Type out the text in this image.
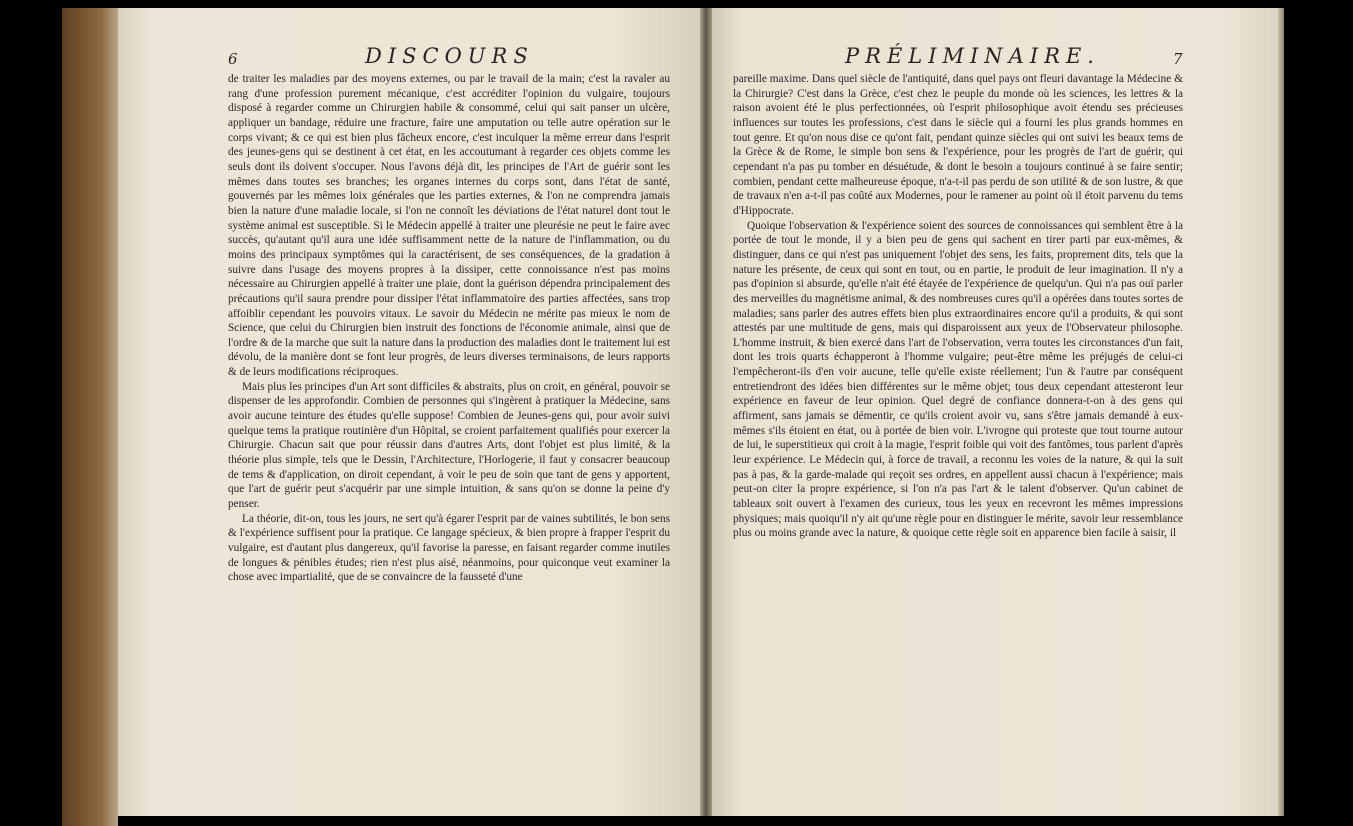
6	DISCOURS	7
PRÉLIMINAIRE.

de traiter les maladies par des moyens externes, ou par le travail de la main; c'est la ravaler au rang d'une profession purement mécanique, c'est accréditer l'opinion du vulgaire, toujours disposé à regarder comme un Chirurgien habile & consommé, celui qui sait panser un ulcère, appliquer un bandage, réduire une fracture, faire une amputation ou telle autre opération sur le corps vivant; & ce qui est bien plus fâcheux encore, c'est inculquer la même erreur dans l'esprit des jeunes-gens qui se destinent à cet état, en les accoutumant à regarder ces objets comme les seuls dont ils doivent s'occuper. Nous l'avons déjà dit, les principes de l'Art de guérir sont les mêmes dans toutes ses branches; les organes internes du corps sont, dans l'état de santé, gouvernés par les mêmes loix générales que les parties externes, & l'on ne comprendra jamais bien la nature d'une maladie locale, si l'on ne connoît les déviations de l'état naturel dont tout le système animal est susceptible. Si le Médecin appellé à traiter une pleurésie ne peut le faire avec succès, qu'autant qu'il aura une idée suffisamment nette de la nature de l'inflammation, ou du moins des principaux symptômes qui la caractérisent, de ses conséquences, de la gradation à suivre dans l'usage des moyens propres à la dissiper, cette connoissance n'est pas moins nécessaire au Chirurgien appellé à traiter une plaie, dont la guérison dépendra principalement des précautions qu'il saura prendre pour dissiper l'état inflammatoire des parties affectées, sans trop affoiblir cependant les pouvoirs vitaux. Le savoir du Médecin ne mérite pas mieux le nom de Science, que celui du Chirurgien bien instruit des fonctions de l'économie animale, ainsi que de l'ordre & de la marche que suit la nature dans la production des maladies dont le traitement lui est dévolu, de la manière dont se font leur progrès, de leurs diverses terminaisons, de leurs rapports & de leurs modifications réciproques.

Mais plus les principes d'un Art sont difficiles & abstraits, plus on croit, en général, pouvoir se dispenser de les approfondir. Combien de personnes qui s'ingèrent à pratiquer la Médecine, sans avoir aucune teinture des études qu'elle suppose! Combien de Jeunes-gens qui, pour avoir suivi quelque tems la pratique routinière d'un Hôpital, se croient parfaitement qualifiés pour exercer la Chirurgie. Chacun sait que pour réussir dans d'autres Arts, dont l'objet est plus limité, & la théorie plus simple, tels que le Dessin, l'Architecture, l'Horlogerie, il faut y consacrer beaucoup de tems & d'application, on diroit cependant, à voir le peu de soin que tant de gens y apportent, que l'art de guérir peut s'acquérir par une simple intuition, & sans qu'on se donne la peine d'y penser.

La théorie, dit-on, tous les jours, ne sert qu'à égarer l'esprit par de vaines subtilités, le bon sens & l'expérience suffisent pour la pratique. Ce langage spécieux, & bien propre à frapper l'esprit du vulgaire, est d'autant plus dangereux, qu'il favorise la paresse, en faisant regarder comme inutiles de longues & pénibles études; rien n'est plus aisé, néanmoins, pour quiconque veut examiner la chose avec impartialité, que de se convaincre de la fausseté d'une

pareille maxime. Dans quel siècle de l'antiquité, dans quel pays ont fleuri davantage la Médecine & la Chirurgie? C'est dans la Grèce, c'est chez le peuple du monde où les sciences, les lettres & la raison avoient été le plus perfectionnées, où l'esprit philosophique avoit étendu ses précieuses influences sur toutes les professions, c'est dans le siècle qui a fourni les plus grands hommes en tout genre. Et qu'on nous dise ce qu'ont fait, pendant quinze siècles qui ont suivi les beaux tems de la Grèce & de Rome, le simple bon sens & l'expérience, pour les progrès de l'art de guérir, qui cependant n'a pas pu tomber en désuétude, & dont le besoin a toujours continué à se faire sentir; combien, pendant cette malheureuse époque, n'a-t-il pas perdu de son utilité & de son lustre, & que de travaux n'en a-t-il pas coûté aux Modernes, pour le ramener au point où il étoit parvenu du tems d'Hippocrate.

Quoique l'observation & l'expérience soient des sources de connoissances qui semblent être à la portée de tout le monde, il y a bien peu de gens qui sachent en tirer parti par eux-mêmes, & distinguer, dans ce qui n'est pas uniquement l'objet des sens, les faits, proprement dits, tels que la nature les présente, de ceux qui sont en tout, ou en partie, le produit de leur imagination. Il n'y a pas d'opinion si absurde, qu'elle n'ait été étayée de l'expérience de quelqu'un. Qui n'a pas ouï parler des merveilles du magnétisme animal, & des nombreuses cures qu'il a opérées dans toutes sortes de maladies; sans parler des autres effets bien plus extraordinaires encore qu'il a produits, & qui sont attestés par une multitude de gens, mais qui disparoissent aux yeux de l'Observateur philosophe. L'homme instruit, & bien exercé dans l'art de l'observation, verra toutes les circonstances d'un fait, dont les trois quarts échapperont à l'homme vulgaire; peut-être même les préjugés de celui-ci l'empêcheront-ils d'en voir aucune, telle qu'elle existe réellement; l'un & l'autre par conséquent entretiendront des idées bien différentes sur le même objet; tous deux cependant attesteront leur expérience en faveur de leur opinion. Quel degré de confiance donnera-t-on à des gens qui affirment, sans jamais se démentir, ce qu'ils croient avoir vu, sans s'être jamais demandé à eux-mêmes s'ils étoient en état, ou à portée de bien voir. L'ivrogne qui proteste que tout tourne autour de lui, le superstitieux qui croit à la magie, l'esprit foible qui voit des fantômes, tous parlent d'après leur expérience. Le Médecin qui, à force de travail, a reconnu les voies de la nature, & qui la suit pas à pas, & la garde-malade qui reçoit ses ordres, en appellent aussi chacun à l'expérience; mais peut-on citer la propre expérience, si l'on n'a pas l'art & le talent d'observer. Qu'un cabinet de tableaux soit ouvert à l'examen des curieux, tous les yeux en recevront les mêmes impressions physiques; mais quoiqu'il n'y ait qu'une règle pour en distinguer le mérite, savoir leur ressemblance plus ou moins grande avec la nature, & quoique cette règle soit en apparence bien facile à saisir, il
